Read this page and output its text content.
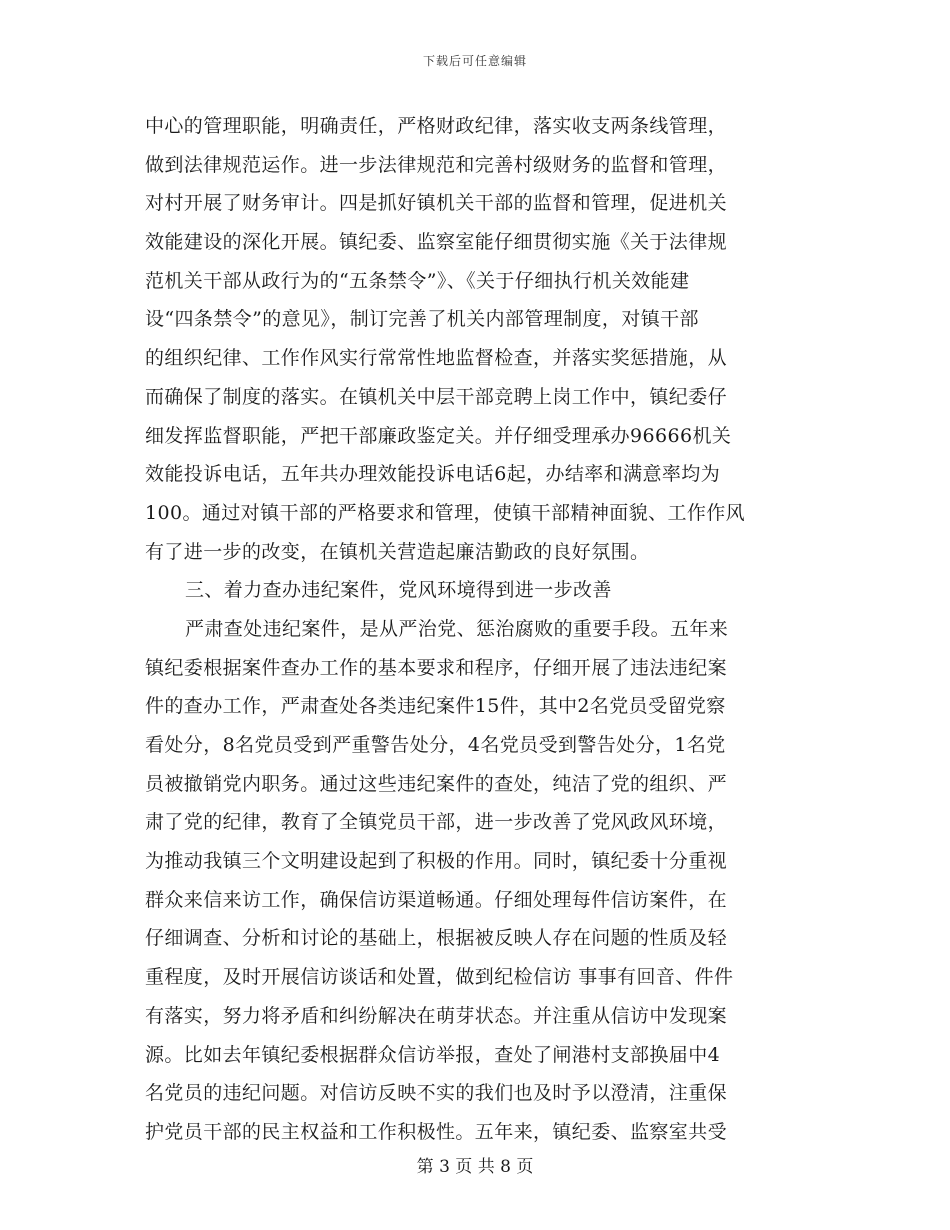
下载后可任意编辑
中心的管理职能，明确责任，严格财政纪律，落实收支两条线管理，
做到法律规范运作。进一步法律规范和完善村级财务的监督和管理，
对村开展了财务审计。四是抓好镇机关干部的监督和管理，促进机关
效能建设的深化开展。镇纪委、监察室能仔细贯彻实施《关于法律规
范机关干部从政行为的“五条禁令”》、《关于仔细执行机关效能建
设“四条禁令”的意见》，制订完善了机关内部管理制度，对镇干部
的组织纪律、工作作风实行常常性地监督检查，并落实奖惩措施，从
而确保了制度的落实。在镇机关中层干部竞聘上岗工作中，镇纪委仔
细发挥监督职能，严把干部廉政鉴定关。并仔细受理承办96666机关
效能投诉电话，五年共办理效能投诉电话6起，办结率和满意率均为
100。通过对镇干部的严格要求和管理，使镇干部精神面貌、工作作风
有了进一步的改变，在镇机关营造起廉洁勤政的良好氛围。
三、着力查办违纪案件，党风环境得到进一步改善
严肃查处违纪案件，是从严治党、惩治腐败的重要手段。五年来
镇纪委根据案件查办工作的基本要求和程序，仔细开展了违法违纪案
件的查办工作，严肃查处各类违纪案件15件，其中2名党员受留党察
看处分，8名党员受到严重警告处分，4名党员受到警告处分，1名党
员被撤销党内职务。通过这些违纪案件的查处，纯洁了党的组织、严
肃了党的纪律，教育了全镇党员干部，进一步改善了党风政风环境，
为推动我镇三个文明建设起到了积极的作用。同时，镇纪委十分重视
群众来信来访工作，确保信访渠道畅通。仔细处理每件信访案件，在
仔细调查、分析和讨论的基础上，根据被反映人存在问题的性质及轻
重程度，及时开展信访谈话和处置，做到纪检信访 事事有回音、件件
有落实，努力将矛盾和纠纷解决在萌芽状态。并注重从信访中发现案
源。比如去年镇纪委根据群众信访举报，查处了闸港村支部换届中4
名党员的违纪问题。对信访反映不实的我们也及时予以澄清，注重保
护党员干部的民主权益和工作积极性。五年来，镇纪委、监察室共受
第 3 页 共 8 页
